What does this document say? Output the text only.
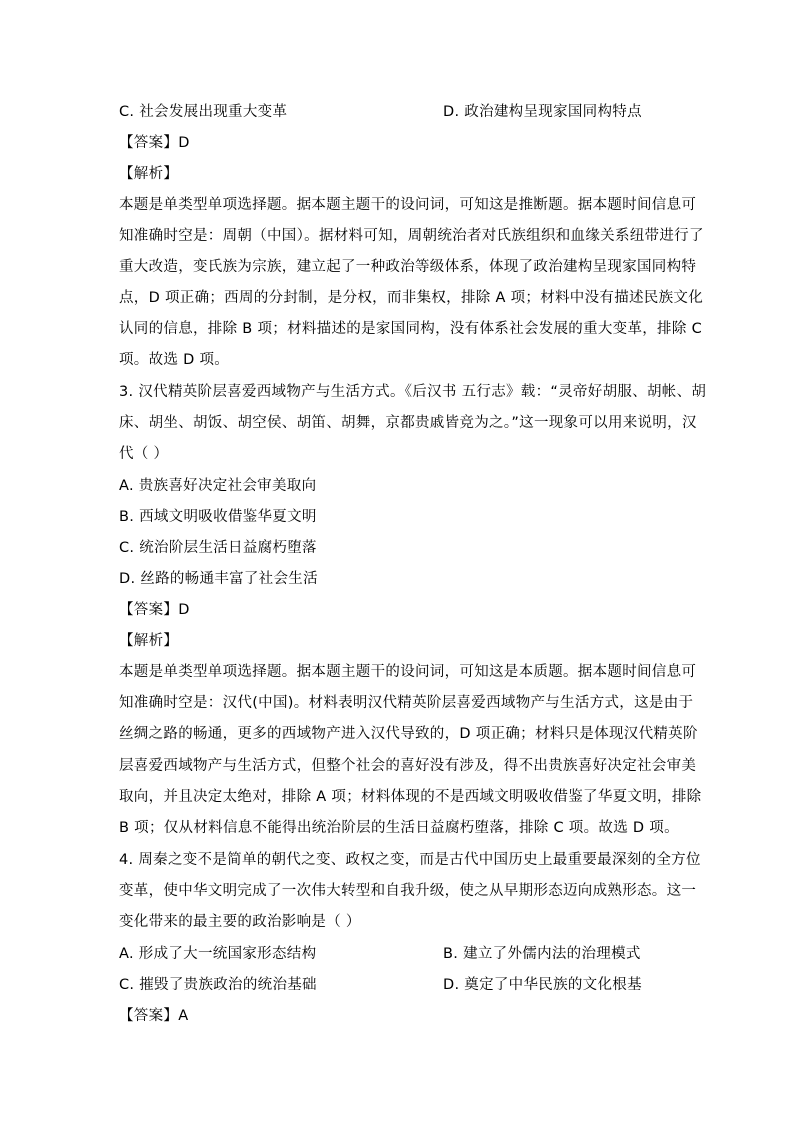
C. 社会发展出现重大变革	D. 政治建构呈现家国同构特点
【答案】D
【解析】
本题是单类型单项选择题。据本题主题干的设问词，可知这是推断题。据本题时间信息可
知准确时空是：周朝（中国）。据材料可知，周朝统治者对氏族组织和血缘关系纽带进行了
重大改造，变氏族为宗族，建立起了一种政治等级体系，体现了政治建构呈现家国同构特
点，D 项正确；西周的分封制，是分权，而非集权，排除 A 项；材料中没有描述民族文化
认同的信息，排除 B 项；材料描述的是家国同构，没有体系社会发展的重大变革，排除 C
项。故选 D 项。
3. 汉代精英阶层喜爱西域物产与生活方式。《后汉书 五行志》载：“灵帝好胡服、胡帐、胡
床、胡坐、胡饭、胡空侯、胡笛、胡舞，京都贵戚皆竞为之。”这一现象可以用来说明，汉
代（ ）
A. 贵族喜好决定社会审美取向
B. 西域文明吸收借鉴华夏文明
C. 统治阶层生活日益腐朽堕落
D. 丝路的畅通丰富了社会生活
【答案】D
【解析】
本题是单类型单项选择题。据本题主题干的设问词，可知这是本质题。据本题时间信息可
知准确时空是：汉代(中国)。材料表明汉代精英阶层喜爱西域物产与生活方式，这是由于
丝绸之路的畅通，更多的西域物产进入汉代导致的，D 项正确；材料只是体现汉代精英阶
层喜爱西域物产与生活方式，但整个社会的喜好没有涉及，得不出贵族喜好决定社会审美
取向，并且决定太绝对，排除 A 项；材料体现的不是西域文明吸收借鉴了华夏文明，排除
B 项；仅从材料信息不能得出统治阶层的生活日益腐朽堕落，排除 C 项。故选 D 项。
4. 周秦之变不是简单的朝代之变、政权之变，而是古代中国历史上最重要最深刻的全方位
变革，使中华文明完成了一次伟大转型和自我升级，使之从早期形态迈向成熟形态。这一
变化带来的最主要的政治影响是（ ）
A. 形成了大一统国家形态结构	B. 建立了外儒内法的治理模式
C. 摧毁了贵族政治的统治基础	D. 奠定了中华民族的文化根基
【答案】A
